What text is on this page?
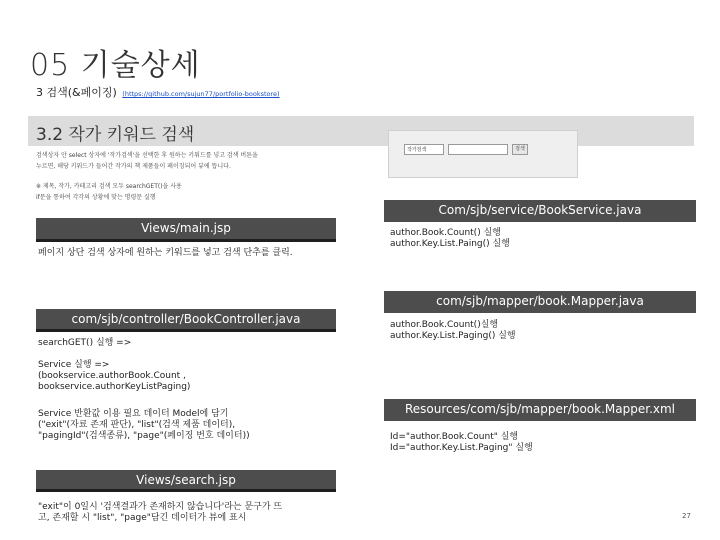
05 기술상세
3 검색(&페이징) (https://github.com/sujun77/portfolio-bookstore)
3.2 작가 키워드 검색
검색상자 안 select 상자에 '작가검색'을 선택한 후 원하는 키워드를 넣고 검색 버튼을
누르면, 해당 키워드가 들어간 작가의 책 제품들이 페이징되어 뷰에 뜹니다.
※ 제목, 작가, 카테고리 검색 모두 searchGET()을 사용
if문을 통하여 각각의 상황에 맞는 명령문 실행
작가검색	검색
Views/main.jsp
페이지 상단 검색 상자에 원하는 키워드를 넣고 검색 단추를 클릭.
com/sjb/controller/BookController.java
searchGET() 실행 =>
Service 실행 =>
(bookservice.authorBook.Count ,
bookservice.authorKeyListPaging)
Service 반환값 이용 필요 데이터 Model에 담기
("exit"(자료 존재 판단), "list"(검색 제품 데이터),
"pagingId"(검색종류), "page"(페이징 번호 데이터))
Views/search.jsp
"exit"이 0일시 '검색결과가 존재하지 않습니다'라는 문구가 뜨
고, 존재할 시 "list", "page"담긴 데이터가 뷰에 표시
Com/sjb/service/BookService.java
author.Book.Count() 실행
author.Key.List.Paing() 실행
com/sjb/mapper/book.Mapper.java
author.Book.Count()실행
author.Key.List.Paging() 실행
Resources/com/sjb/mapper/book.Mapper.xml
Id="author.Book.Count" 실행
Id="author.Key.List.Paging" 실행
27
